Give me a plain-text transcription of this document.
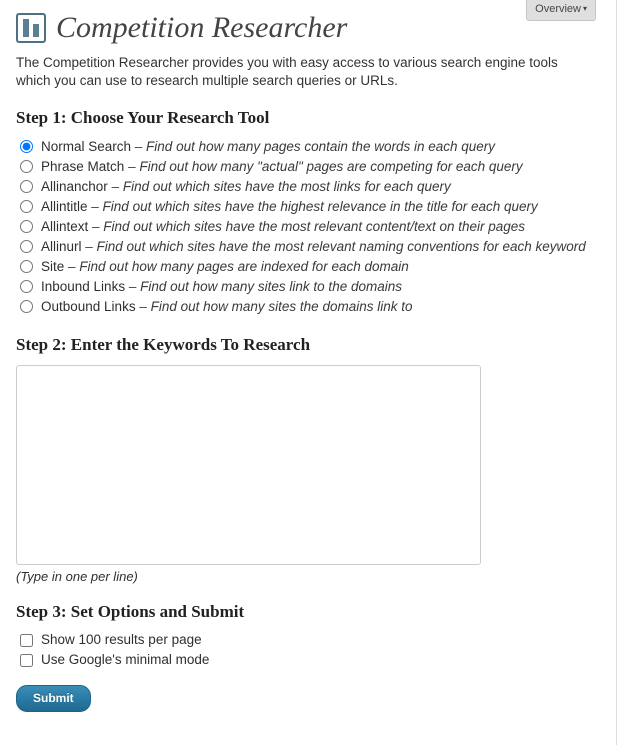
Overview ▾
Competition Researcher

The Competition Researcher provides you with easy access to various search engine tools which you can use to research multiple search queries or URLs.

Step 1: Choose Your Research Tool
Normal Search – Find out how many pages contain the words in each query
Phrase Match – Find out how many "actual" pages are competing for each query
Allinanchor – Find out which sites have the most links for each query
Allintitle – Find out which sites have the highest relevance in the title for each query
Allintext – Find out which sites have the most relevant content/text on their pages
Allinurl – Find out which sites have the most relevant naming conventions for each keyword
Site – Find out how many pages are indexed for each domain
Inbound Links – Find out how many sites link to the domains
Outbound Links – Find out how many sites the domains link to
Step 2: Enter the Keywords To Research
(Type in one per line)
Step 3: Set Options and Submit
Show 100 results per page
Use Google's minimal mode
Submit
